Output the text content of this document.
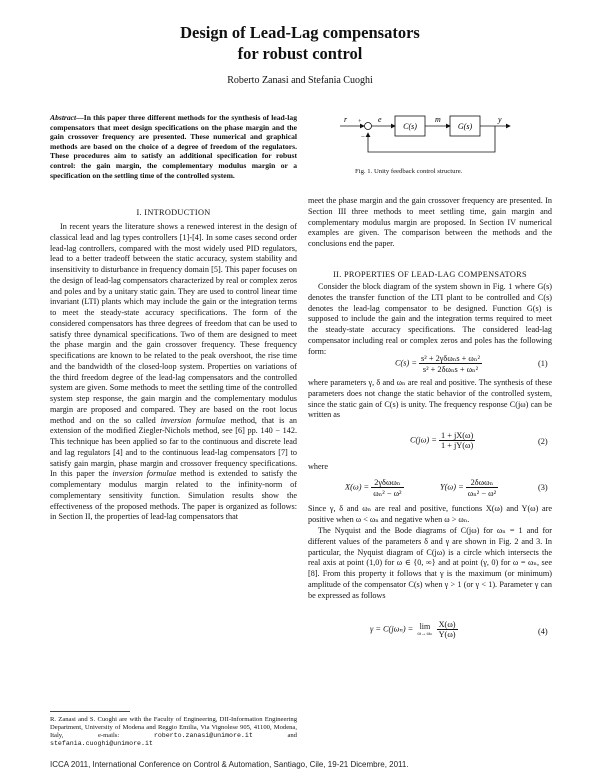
Design of Lead-Lag compensators
for robust control
Roberto Zanasi and Stefania Cuoghi

Abstract—In this paper three different methods for the synthesis of lead-lag compensators that meet design specifications on the phase margin and the gain crossover frequency are presented. These numerical and graphical methods are based on the choice of a degree of freedom of the regulators. These procedures aim to satisfy an additional specification for robust control: the gain margin, the complementary modulus margin or a specification on the settling time of the controlled system.

I. INTRODUCTION

In recent years the literature shows a renewed interest in the design of classical lead and lag types controllers [1]-[4]. In some cases second order lead-lag controllers, compared with the most widely used PID regulators, lead to a better tradeoff between the static accuracy, system stability and insensitivity to disturbance in frequency domain [5]. This paper focuses on the design of lead-lag compensators characterized by real or complex zeros and poles and by a unitary static gain. They are used to control linear time invariant (LTI) plants which may include the gain or the integration terms to meet the steady-state accuracy specifications. The form of the considered compensators has three degrees of freedom that can be used to satisfy three dynamical specifications. Two of them are designed to meet the phase margin and the gain crossover frequency. These frequency specifications are known to be related to the peak overshoot, the rise time and the bandwidth of the closed-loop system. Properties on variations of the third freedom degree of the lead-lag compensators and the controlled system are given. Some methods to meet the settling time of the controlled system step response, the gain margin and the complementary modulus margin are proposed and compared. They are based on the root locus method and on the so called inversion formulae method, that is an extension of the modified Ziegler-Nichols method, see [6] pp. 140 − 142. This technique has been applied so far to the continuous and discrete lead and lag regulators [4] and to the continuous lead-lag compensators [7] to satisfy gain margin, phase margin and crossover frequency specifications. In this paper the inversion formulae method is extended to satisfy the complementary modulus margin related to the infinity-norm of complementary sensitivity function. Simulation results show the effectiveness of the proposed methods. The paper is organized as follows: in Section II, the properties of lead-lag compensators that

R. Zanasi and S. Cuoghi are with the Faculty of Engineering, DII-Information Engineering Department, University of Modena and Reggio Emilia, Via Vignolese 905, 41100, Modena, Italy, e-mails:	roberto.zanasi@unimore.it	and stefania.cuoghi@unimore.it
r	e
C(s)
m
G(s)
y
+
−
Fig. 1. Unity feedback control structure.

meet the phase margin and the gain crossover frequency are presented. In Section III three methods to meet settling time, gain margin and complementary modulus margin are proposed. In Section IV numerical examples are given. The comparison between the methods and the conclusions end the paper.

II. PROPERTIES OF LEAD-LAG COMPENSATORS

Consider the block diagram of the system shown in Fig. 1 where G(s) denotes the transfer function of the LTI plant to be controlled and C(s) denotes the lead-lag compensator to be designed. Function G(s) is supposed to include the gain and the integration terms required to meet the steady-state accuracy specifications. The considered lead-lag compensator including real or complex zeros and poles has the following form:

$C(s) = \frac{\text{s² + 2γδωₙs + ωₙ²}}{\text{s² + 2δωₙs + ωₙ²}}$	(1)

where parameters γ, δ and ωₙ are real and positive. The synthesis of these parameters does not change the static behavior of the controlled system, since the static gain of C(s) is unity. The frequency response C(jω) can be written as

$C(j\omega) = \frac{1 + jX(\omega)}{1 + jY(\omega)}$	(2)
where
$X(\omega) = \frac{\text{2γδωωₙ}}{\text{ωₙ² − ω²}}$	$Y(\omega) = \frac{\text{2δωωₙ}}{\text{ωₙ² − ω²}}$	(3)

Since γ, δ and ωₙ are real and positive, functions X(ω) and Y(ω) are positive when ω < ωₙ and negative when ω > ωₙ.

The Nyquist and the Bode diagrams of C(jω) for ωₙ = 1 and for different values of the parameters δ and γ are shown in Fig. 2 and 3. In particular, the Nyquist diagram of C(jω) is a circle which intersects the real axis at point (1,0) for ω ∈ {0, ∞} and at point (γ, 0) for ω = ωₙ, see [8]. From this property it follows that γ is the maximum (or minimum) amplitude of the compensator C(s) when γ > 1 (or γ < 1). Parameter γ can be expressed as follows

γ = C(jωₙ) = lim
ω→ωₙ
$\frac{X(\omega)}{Y(\omega)}$	(4)
ICCA 2011, International Conference on Control & Automation, Santiago, Cile, 19-21 Dicembre, 2011.
